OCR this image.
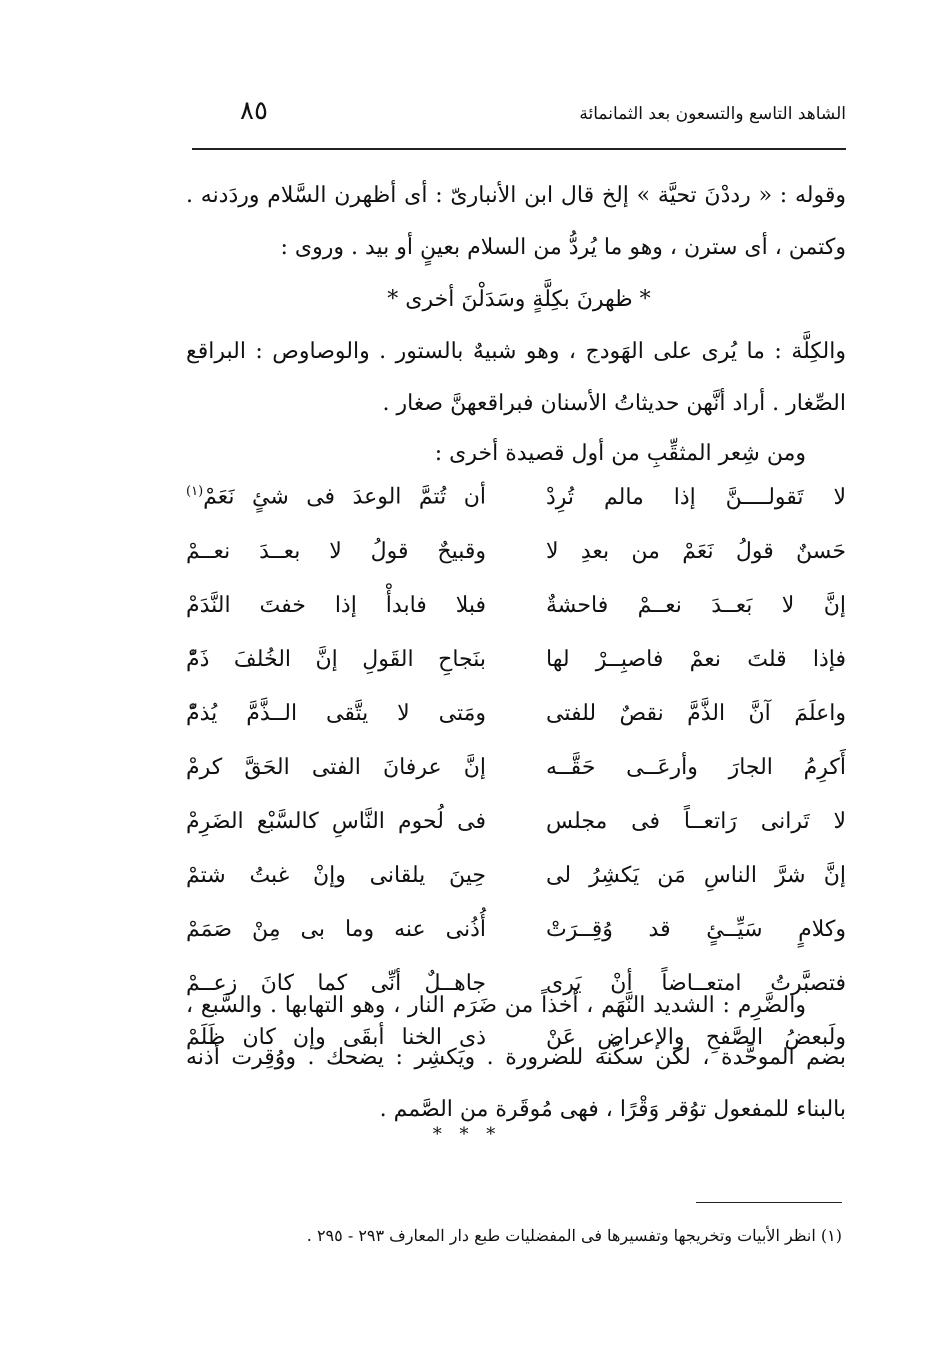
الشاهد التاسع والتسعون بعد الثمانمائة
٨٥

وقوله : « رددْنَ تحيَّة » إلخ قال ابن الأنبارىّ : أى أظهرن السَّلام وردَدنه . وكتمن ، أى سترن ، وهو ما يُردُّ من السلام بعينٍ أو بيد . وروى :

* ظهرنَ بكِلَّةٍ وسَدَلْنَ أخرى *

والكِلَّة : ما يُرى على الهَودج ، وهو شبيهٌ بالستور . والوصاوص : البراقع الصِّغار . أراد أنَّهن حديثاتُ الأسنان فبراقعهنَّ صغار .

ومن شِعر المثقِّبِ من أول قصيدة أخرى :

لا تَقولــــنَّ إذا مالم تُرِدْ
أن تُتمَّ الوعدَ فى شئٍ نَعَمْ$^{(١)}$
حَسنٌ قولُ نَعَمْ من بعدِ لا
وقبيحٌ قولُ لا بعــدَ نعــمْ
إنَّ لا بَعــدَ نعــمْ فاحشةٌ
فبلا فابدأْ إذا خفتَ النَّدَمْ
فإذا قلتَ نعمْ فاصبِــرْ لها
بنَجاحِ القَولِ إنَّ الخُلفَ ذَمّْ
واعلَمَ آنَّ الذَّمَّ نقصٌ للفتى
ومَتى لا يتَّقى الــذَّمَّ يُذمّْ
أَكرِمُ الجارَ وأرعَــى حَقَّــه
إنَّ عرفانَ الفتى الحَقَّ كرمْ
لا تَرانى رَاتعــاً فى مجلس
فى لُحوم النَّاسِ كالسَّبْع الضَرِمْ
إنَّ شرَّ الناسِ مَن يَكشِرُ لى
حِينَ يلقانى وإنْ غبتُ شتمْ
وكلامٍ سَيِّــئٍ قد وُقِــرَتْ
أُذُنى عنه وما بى مِنْ صَمَمْ
فتصبَّرتُ امتعــاضاً أنْ يَرى
جاهــلٌ أنِّى كما كانَ زعــمْ
ولَبعضُ الصَّفحِ والإعراضِ عَنْ
ذى الخنا أبقَى وإن كان ظَلَمْ

والضَّرِم : الشديد النَّهَم ، أخذاً من ضَرَم النار ، وهو التهابها . والسَّبع ، بضم الموحَّدة ، لكن سكّنه للضرورة . ويَكشِر : يضحك . ووُقِرت أذنه بالبناء للمفعول توُقر وَقْرًا ، فهى مُوقَرة من الصَّمم .

* * *
(١) انظر الأبيات وتخريجها وتفسيرها فى المفضليات طبع دار المعارف ٢٩٣ - ٢٩٥ .
